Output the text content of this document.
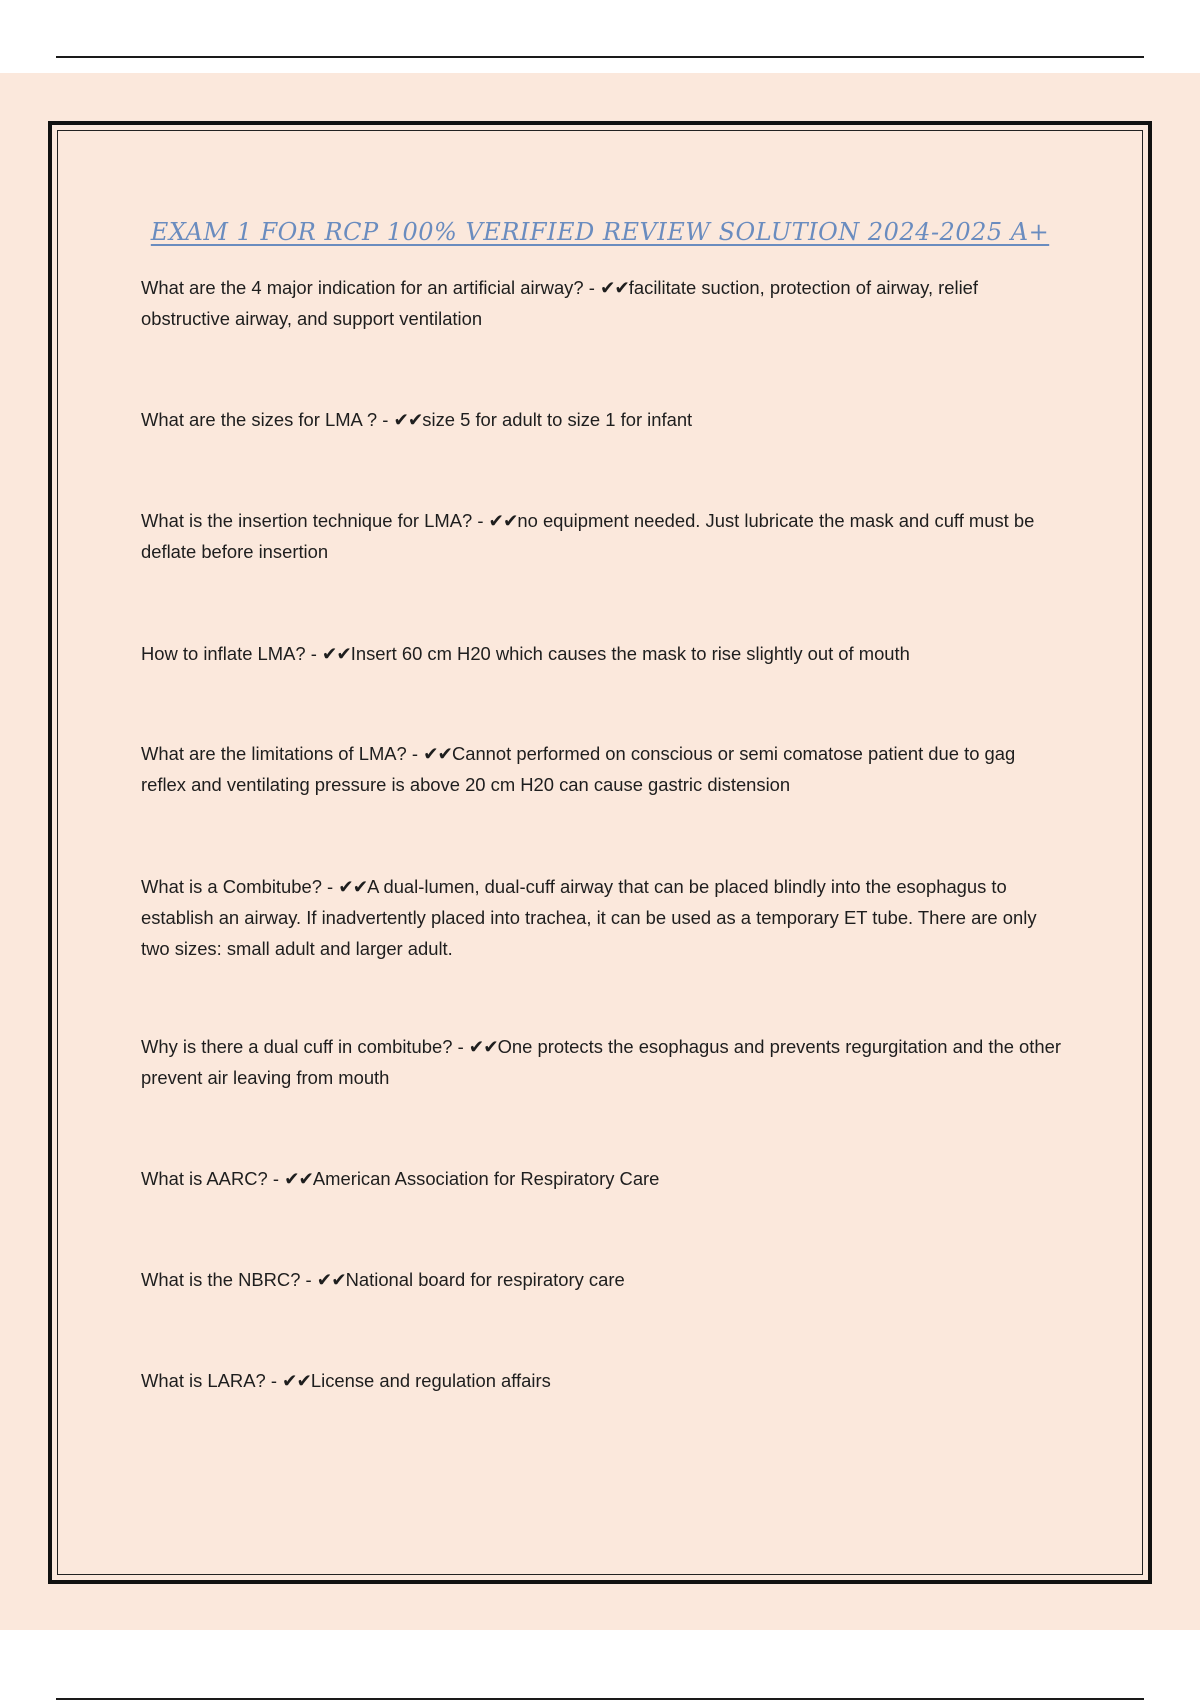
EXAM 1 FOR RCP 100% VERIFIED REVIEW SOLUTION 2024-2025 A+
What are the 4 major indication for an artificial airway? - ✔✔facilitate suction, protection of airway, relief obstructive airway, and support ventilation
What are the sizes for LMA ? - ✔✔size 5 for adult to size 1 for infant
What is the insertion technique for LMA? - ✔✔no equipment needed. Just lubricate the mask and cuff must be deflate before insertion
How to inflate LMA? - ✔✔Insert 60 cm H20 which causes the mask to rise slightly out of mouth
What are the limitations of LMA? - ✔✔Cannot performed on conscious or semi comatose patient due to gag reflex and ventilating pressure is above 20 cm H20 can cause gastric distension
What is a Combitube? - ✔✔A dual-lumen, dual-cuff airway that can be placed blindly into the esophagus to establish an airway. If inadvertently placed into trachea, it can be used as a temporary ET tube. There are only two sizes: small adult and larger adult.
Why is there a dual cuff in combitube? - ✔✔One protects the esophagus and prevents regurgitation and the other prevent air leaving from mouth
What is AARC? - ✔✔American Association for Respiratory Care
What is the NBRC? - ✔✔National board for respiratory care
What is LARA? - ✔✔License and regulation affairs
